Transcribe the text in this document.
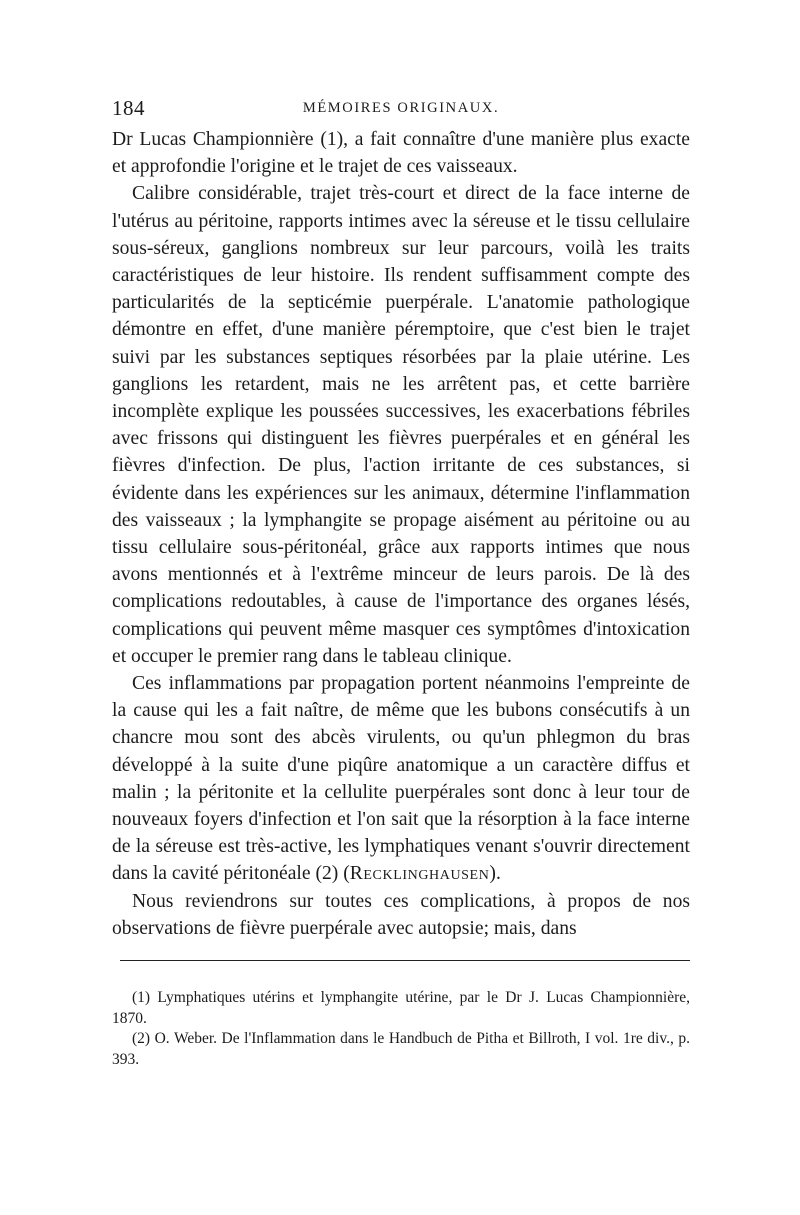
184	MÉMOIRES ORIGINAUX.

Dr Lucas Championnière (1), a fait connaître d'une manière plus exacte et approfondie l'origine et le trajet de ces vaisseaux.

Calibre considérable, trajet très-court et direct de la face interne de l'utérus au péritoine, rapports intimes avec la séreuse et le tissu cellulaire sous-séreux, ganglions nombreux sur leur parcours, voilà les traits caractéristiques de leur histoire. Ils rendent suffisamment compte des particularités de la septicémie puerpérale. L'anatomie pathologique démontre en effet, d'une manière péremptoire, que c'est bien le trajet suivi par les substances septiques résorbées par la plaie utérine. Les ganglions les retardent, mais ne les arrêtent pas, et cette barrière incomplète explique les poussées successives, les exacerbations fébriles avec frissons qui distinguent les fièvres puerpérales et en général les fièvres d'infection. De plus, l'action irritante de ces substances, si évidente dans les expériences sur les animaux, détermine l'inflammation des vaisseaux ; la lymphangite se propage aisément au péritoine ou au tissu cellulaire sous-péritonéal, grâce aux rapports intimes que nous avons mentionnés et à l'extrême minceur de leurs parois. De là des complications redoutables, à cause de l'importance des organes lésés, complications qui peuvent même masquer ces symptômes d'intoxication et occuper le premier rang dans le tableau clinique.

Ces inflammations par propagation portent néanmoins l'empreinte de la cause qui les a fait naître, de même que les bubons consécutifs à un chancre mou sont des abcès virulents, ou qu'un phlegmon du bras développé à la suite d'une piqûre anatomique a un caractère diffus et malin ; la péritonite et la cellulite puerpérales sont donc à leur tour de nouveaux foyers d'infection et l'on sait que la résorption à la face interne de la séreuse est très-active, les lymphatiques venant s'ouvrir directement dans la cavité péritonéale (2) (Recklinghausen).

Nous reviendrons sur toutes ces complications, à propos de nos observations de fièvre puerpérale avec autopsie; mais, dans

(1) Lymphatiques utérins et lymphangite utérine, par le Dr J. Lucas Championnière, 1870.

(2) O. Weber. De l'Inflammation dans le Handbuch de Pitha et Billroth, I vol. 1re div., p. 393.
